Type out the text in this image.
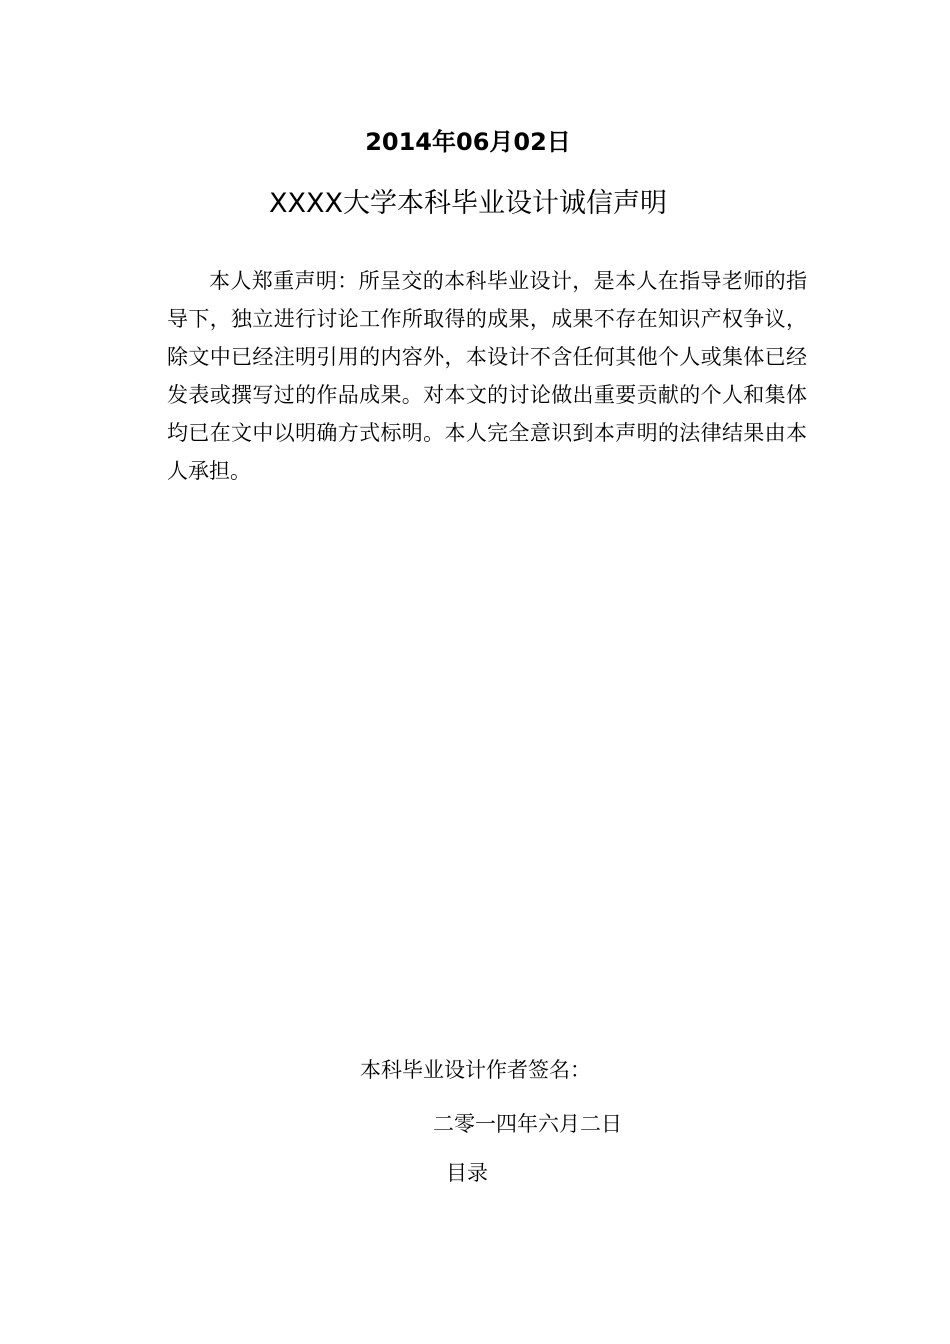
2014年06月02日
XXXX大学本科毕业设计诚信声明

本人郑重声明：所呈交的本科毕业设计，是本人在指导老师的指导下，独立进行讨论工作所取得的成果，成果不存在知识产权争议，除文中已经注明引用的内容外，本设计不含任何其他个人或集体已经发表或撰写过的作品成果。对本文的讨论做出重要贡献的个人和集体均已在文中以明确方式标明。本人完全意识到本声明的法律结果由本人承担。

本科毕业设计作者签名：
二零一四年六月二日
目录
